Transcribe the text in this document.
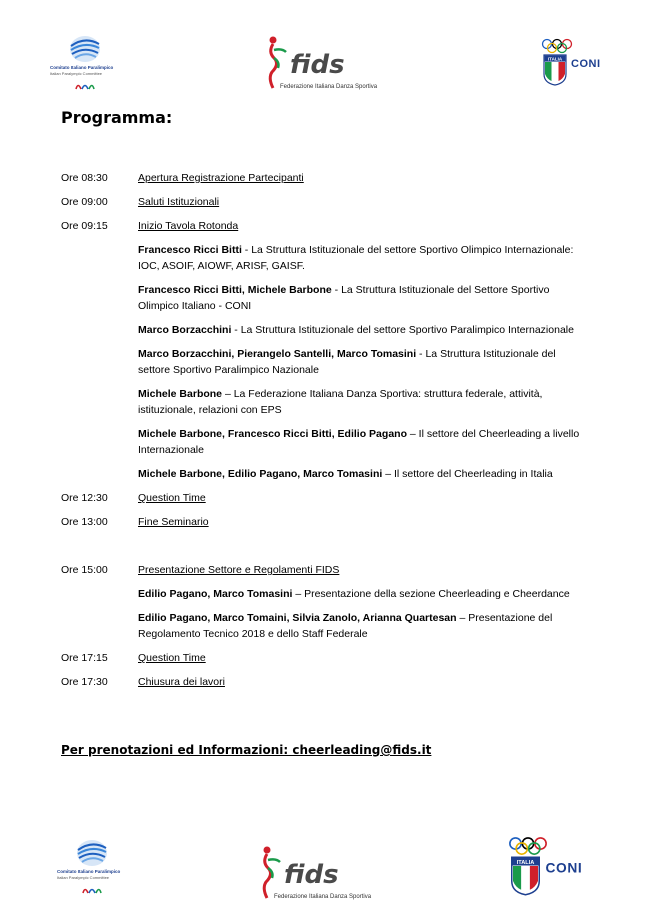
Comitato Italiano Paralimpico
Italian Paralympic Committee	fids
Federazione Italiana Danza Sportiva
ITALIA CONI
Programma:
Ore 08:30	Apertura Registrazione Partecipanti
Ore 09:00	Saluti Istituzionali
Ore 09:15	Inizio Tavola Rotonda
Francesco Ricci Bitti - La Struttura Istituzionale del settore Sportivo Olimpico Internazionale: IOC, ASOIF, AIOWF, ARISF, GAISF.
Francesco Ricci Bitti, Michele Barbone - La Struttura Istituzionale del Settore Sportivo Olimpico Italiano - CONI
Marco Borzacchini - La Struttura Istituzionale del settore Sportivo Paralimpico Internazionale
Marco Borzacchini, Pierangelo Santelli, Marco Tomasini - La Struttura Istituzionale del settore Sportivo Paralimpico Nazionale
Michele Barbone – La Federazione Italiana Danza Sportiva: struttura federale, attività, istituzionale, relazioni con EPS
Michele Barbone, Francesco Ricci Bitti, Edilio Pagano – Il settore del Cheerleading a livello Internazionale
Michele Barbone, Edilio Pagano, Marco Tomasini – Il settore del Cheerleading in Italia
Ore 12:30	Question Time
Ore 13:00	Fine Seminario
Ore 15:00	Presentazione Settore e Regolamenti FIDS
Edilio Pagano, Marco Tomasini – Presentazione della sezione Cheerleading e Cheerdance
Edilio Pagano, Marco Tomaini, Silvia Zanolo, Arianna Quartesan – Presentazione del Regolamento Tecnico 2018 e dello Staff Federale
Ore 17:15	Question Time
Ore 17:30	Chiusura dei lavori
Per prenotazioni ed Informazioni: cheerleading@fids.it
Comitato Italiano Paralimpico
Italian Paralympic Committee	fids
Federazione Italiana Danza Sportiva
ITALIA CONI
